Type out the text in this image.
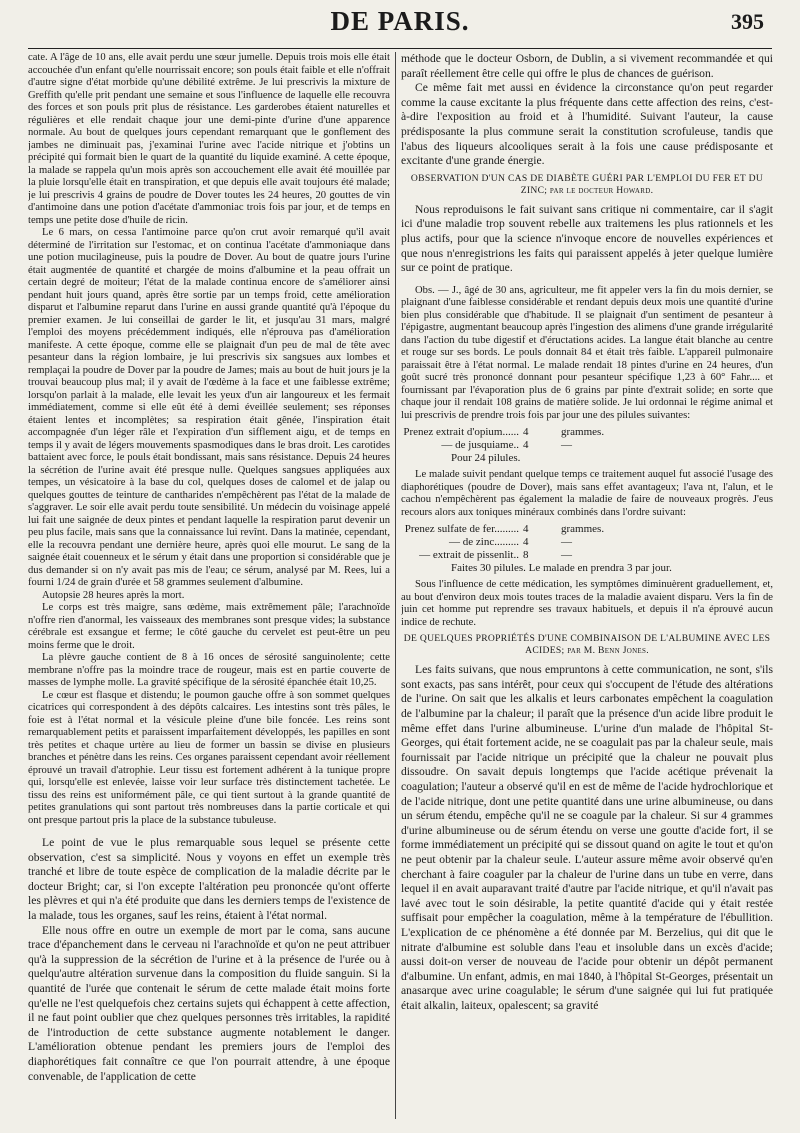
DE PARIS.	395

cate. A l'âge de 10 ans, elle avait perdu une sœur jumelle. Depuis trois mois elle était accouchée d'un enfant qu'elle nourrissait encore; son pouls était faible et elle n'offrait d'autre signe d'état morbide qu'une débilité extrême. Je lui prescrivis la mixture de Greffith qu'elle prit pendant une semaine et sous l'influence de laquelle elle recouvra des forces et son pouls prit plus de résistance. Les garderobes étaient naturelles et régulières et elle rendait chaque jour une demi-pinte d'urine d'une apparence normale. Au bout de quelques jours cependant remarquant que le gonflement des jambes ne diminuait pas, j'examinai l'urine avec l'acide nitrique et j'obtins un précipité qui formait bien le quart de la quantité du liquide examiné. A cette époque, la malade se rappela qu'un mois après son accouchement elle avait été mouillée par la pluie lorsqu'elle était en transpiration, et que depuis elle avait toujours été malade; je lui prescrivis 4 grains de poudre de Dover toutes les 24 heures, 20 gouttes de vin d'antimoine dans une potion d'acétate d'ammoniac trois fois par jour, et de temps en temps une petite dose d'huile de ricin.

Le 6 mars, on cessa l'antimoine parce qu'on crut avoir remarqué qu'il avait déterminé de l'irritation sur l'estomac, et on continua l'acétate d'ammoniaque dans une potion mucilagineuse, puis la poudre de Dover. Au bout de quatre jours l'urine était augmentée de quantité et chargée de moins d'albumine et la peau offrait un certain degré de moiteur; l'état de la malade continua encore de s'améliorer ainsi pendant huit jours quand, après être sortie par un temps froid, cette amélioration disparut et l'albumine reparut dans l'urine en aussi grande quantité qu'à l'époque du premier examen. Je lui conseillai de garder le lit, et jusqu'au 31 mars, malgré l'emploi des moyens précédemment indiqués, elle n'éprouva pas d'amélioration manifeste. A cette époque, comme elle se plaignait d'un peu de mal de tête avec pesanteur dans la région lombaire, je lui prescrivis six sangsues aux lombes et remplaçai la poudre de Dover par la poudre de James; mais au bout de huit jours je la trouvai beaucoup plus mal; il y avait de l'œdème à la face et une faiblesse extrême; lorsqu'on parlait à la malade, elle levait les yeux d'un air langoureux et les fermait immédiatement, comme si elle eût été à demi éveillée seulement; ses réponses étaient lentes et incomplètes; sa respiration était gênée, l'inspiration était accompagnée d'un léger râle et l'expiration d'un sifflement aigu, et de temps en temps il y avait de légers mouvements spasmodiques dans le bras droit. Les carotides battaient avec force, le pouls était bondissant, mais sans résistance. Depuis 24 heures la sécrétion de l'urine avait été presque nulle. Quelques sangsues appliquées aux tempes, un vésicatoire à la base du col, quelques doses de calomel et de jalap ou quelques gouttes de teinture de cantharides n'empêchèrent pas l'état de la malade de s'aggraver. Le soir elle avait perdu toute sensibilité. Un médecin du voisinage appelé lui fait une saignée de deux pintes et pendant laquelle la respiration parut devenir un peu plus facile, mais sans que la connaissance lui revînt. Dans la matinée, cependant, elle la recouvra pendant une dernière heure, après quoi elle mourut. Le sang de la saignée était couenneux et le sérum y était dans une proportion si considérable que je dus demander si on n'y avait pas mis de l'eau; ce sérum, analysé par M. Rees, lui a fourni 1/24 de grain d'urée et 58 grammes seulement d'albumine.

Autopsie 28 heures après la mort.

Le corps est très maigre, sans œdème, mais extrêmement pâle; l'arachnoïde n'offre rien d'anormal, les vaisseaux des membranes sont presque vides; la substance cérébrale est exsangue et ferme; le côté gauche du cervelet est peut-être un peu moins ferme que le droit.

La plèvre gauche contient de 8 à 16 onces de sérosité sanguinolente; cette membrane n'offre pas la moindre trace de rougeur, mais est en partie couverte de masses de lymphe molle. La gravité spécifique de la sérosité épanchée était 10,25.

Le cœur est flasque et distendu; le poumon gauche offre à son sommet quelques cicatrices qui correspondent à des dépôts calcaires. Les intestins sont très pâles, le foie est à l'état normal et la vésicule pleine d'une bile foncée. Les reins sont remarquablement petits et paraissent imparfaitement développés, les papilles en sont très petites et chaque urtère au lieu de former un bassin se divise en plusieurs branches et pénètre dans les reins. Ces organes paraissent cependant avoir réellement éprouvé un travail d'atrophie. Leur tissu est fortement adhérent à la tunique propre qui, lorsqu'elle est enlevée, laisse voir leur surface très distinctement tachetée. Le tissu des reins est uniformément pâle, ce qui tient surtout à la grande quantité de petites granulations qui sont partout très nombreuses dans la partie corticale et qui ont presque partout pris la place de la substance tubuleuse.

Le point de vue le plus remarquable sous lequel se présente cette observation, c'est sa simplicité. Nous y voyons en effet un exemple très tranché et libre de toute espèce de complication de la maladie décrite par le docteur Bright; car, si l'on excepte l'altération peu prononcée qu'ont offerte les plèvres et qui n'a été produite que dans les derniers temps de l'existence de la malade, tous les organes, sauf les reins, étaient à l'état normal.

Elle nous offre en outre un exemple de mort par le coma, sans aucune trace d'épanchement dans le cerveau ni l'arachnoïde et qu'on ne peut attribuer qu'à la suppression de la sécrétion de l'urine et à la présence de l'urée ou à quelqu'autre altération survenue dans la composition du fluide sanguin. Si la quantité de l'urée que contenait le sérum de cette malade était moins forte qu'elle ne l'est quelquefois chez certains sujets qui échappent à cette affection, il ne faut point oublier que chez quelques personnes très irritables, la rapidité de l'introduction de cette substance augmente notablement le danger. L'amélioration obtenue pendant les premiers jours de l'emploi des diaphorétiques fait connaître ce que l'on pourrait attendre, à une époque convenable, de l'application de cette

méthode que le docteur Osborn, de Dublin, a si vivement recommandée et qui paraît réellement être celle qui offre le plus de chances de guérison.

Ce même fait met aussi en évidence la circonstance qu'on peut regarder comme la cause excitante la plus fréquente dans cette affection des reins, c'est-à-dire l'exposition au froid et à l'humidité. Suivant l'auteur, la cause prédisposante la plus commune serait la constitution scrofuleuse, tandis que l'abus des liqueurs alcooliques serait à la fois une cause prédisposante et excitante d'une grande énergie.

OBSERVATION D'UN CAS DE DIABÈTE GUÉRI PAR L'EMPLOI DU FER ET DU ZINC; par le docteur Howard.

Nous reproduisons le fait suivant sans critique ni commentaire, car il s'agit ici d'une maladie trop souvent rebelle aux traitemens les plus rationnels et les plus actifs, pour que la science n'invoque encore de nouvelles expériences et que nous n'enregistrions les faits qui paraissent appelés à jeter quelque lumière sur ce point de pratique.

Obs. — J., âgé de 30 ans, agriculteur, me fit appeler vers la fin du mois dernier, se plaignant d'une faiblesse considérable et rendant depuis deux mois une quantité d'urine bien plus considérable que d'habitude. Il se plaignait d'un sentiment de pesanteur à l'épigastre, augmentant beaucoup après l'ingestion des alimens d'une grande irrégularité dans l'action du tube digestif et d'éructations acides. La langue était blanche au centre et rouge sur ses bords. Le pouls donnait 84 et était très faible. L'appareil pulmonaire paraissait être à l'état normal. Le malade rendait 18 pintes d'urine en 24 heures, d'un goût sucré très prononcé donnant pour pesanteur spécifique 1,23 à 60° Fahr.... et fournissant par l'évaporation plus de 6 grains par pinte d'extrait solide; en sorte que chaque jour il rendait 108 grains de matière solide. Je lui ordonnai le régime animal et lui prescrivis de prendre trois fois par jour une des pilules suivantes:

Prenez extrait d'opium...... 4	grammes.
— de jusquiame.. 4	—
Pour 24 pilules.

Le malade suivit pendant quelque temps ce traitement auquel fut associé l'usage des diaphorétiques (poudre de Dover), mais sans effet avantageux; l'ava nt, l'alun, et le cachou n'empêchèrent pas également la maladie de faire de nouveaux progrès. J'eus recours alors aux toniques minéraux combinés dans l'ordre suivant:

Prenez sulfate de fer......... 4	grammes.
— de zinc......... 4	—
— extrait de pissenlit.. 8	—
Faites 30 pilules. Le malade en prendra 3 par jour.

Sous l'influence de cette médication, les symptômes diminuèrent graduellement, et, au bout d'environ deux mois toutes traces de la maladie avaient disparu. Vers la fin de juin cet homme put reprendre ses travaux habituels, et depuis il n'a éprouvé aucun indice de rechute.

DE QUELQUES PROPRIÉTÉS D'UNE COMBINAISON DE L'ALBUMINE AVEC LES ACIDES; par M. Benn Jones.

Les faits suivans, que nous empruntons à cette communication, ne sont, s'ils sont exacts, pas sans intérêt, pour ceux qui s'occupent de l'étude des altérations de l'urine. On sait que les alkalis et leurs carbonates empêchent la coagulation de l'albumine par la chaleur; il paraît que la présence d'un acide libre produit le même effet dans l'urine albumineuse. L'urine d'un malade de l'hôpital St-Georges, qui était fortement acide, ne se coagulait pas par la chaleur seule, mais fournissait par l'acide nitrique un précipité que la chaleur ne pouvait plus dissoudre. On savait depuis longtemps que l'acide acétique prévenait la coagulation; l'auteur a observé qu'il en est de même de l'acide hydrochlorique et de l'acide nitrique, dont une petite quantité dans une urine albumineuse, ou dans un sérum étendu, empêche qu'il ne se coagule par la chaleur. Si sur 4 grammes d'urine albumineuse ou de sérum étendu on verse une goutte d'acide fort, il se forme immédiatement un précipité qui se dissout quand on agite le tout et qu'on ne peut obtenir par la chaleur seule. L'auteur assure même avoir observé qu'en cherchant à faire coaguler par la chaleur de l'urine dans un tube en verre, dans lequel il en avait auparavant traité d'autre par l'acide nitrique, et qu'il n'avait pas lavé avec tout le soin désirable, la petite quantité d'acide qui y était restée suffisait pour empêcher la coagulation, même à la température de l'ébullition. L'explication de ce phénomène a été donnée par M. Berzelius, qui dit que le nitrate d'albumine est soluble dans l'eau et insoluble dans un excès d'acide; aussi doit-on verser de nouveau de l'acide pour obtenir un dépôt permanent d'albumine. Un enfant, admis, en mai 1840, à l'hôpital St-Georges, présentait un anasarque avec urine coagulable; le sérum d'une saignée qui lui fut pratiquée était alkalin, laiteux, opalescent; sa gravité
